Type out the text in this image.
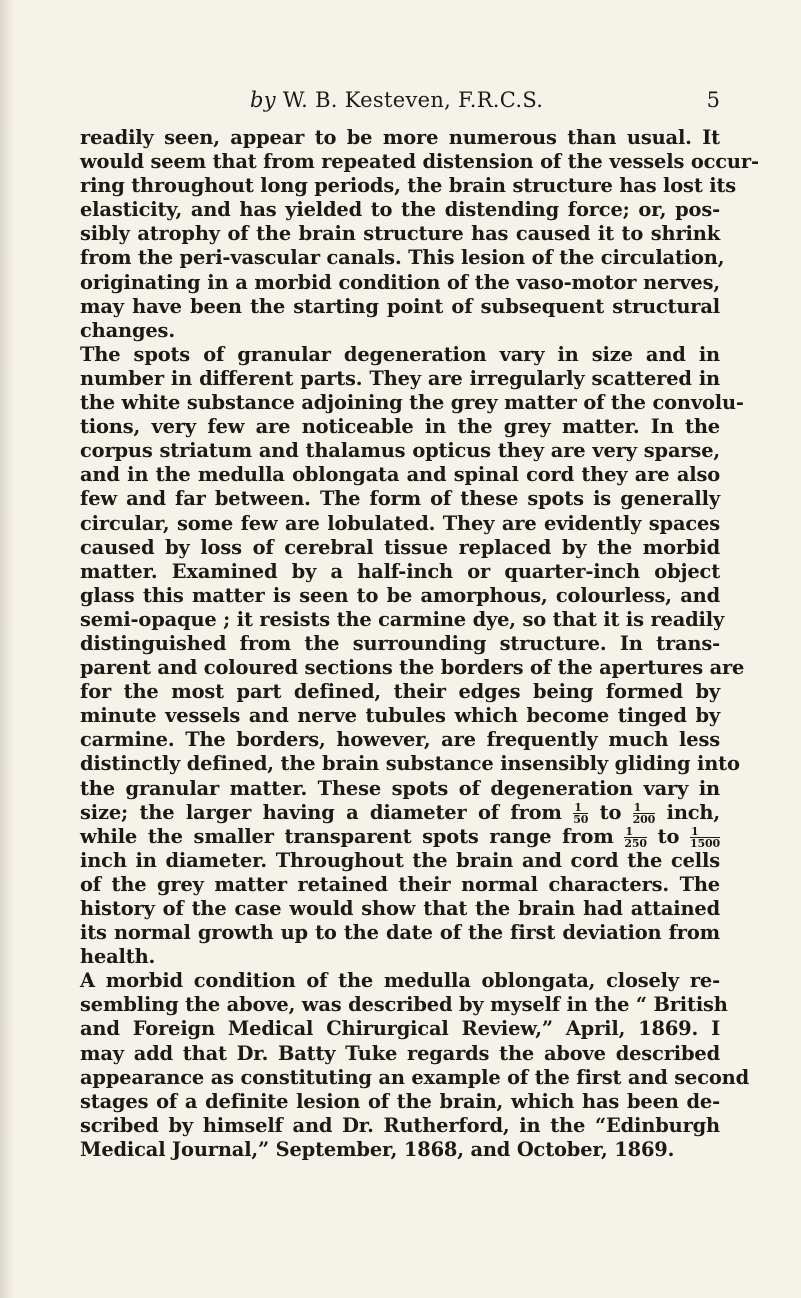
by W. B. Kesteven, F.R.C.S.	5
readily seen, appear to be more numerous than usual. It
would seem that from repeated distension of the vessels occur-
ring throughout long periods, the brain structure has lost its
elasticity, and has yielded to the distending force; or, pos-
sibly atrophy of the brain structure has caused it to shrink
from the peri-vascular canals. This lesion of the circulation,
originating in a morbid condition of the vaso-motor nerves,
may have been the starting point of subsequent structural
changes.
The spots of granular degeneration vary in size and in
number in different parts. They are irregularly scattered in
the white substance adjoining the grey matter of the convolu-
tions, very few are noticeable in the grey matter. In the
corpus striatum and thalamus opticus they are very sparse,
and in the medulla oblongata and spinal cord they are also
few and far between. The form of these spots is generally
circular, some few are lobulated. They are evidently spaces
caused by loss of cerebral tissue replaced by the morbid
matter. Examined by a half-inch or quarter-inch object
glass this matter is seen to be amorphous, colourless, and
semi-opaque ; it resists the carmine dye, so that it is readily
distinguished from the surrounding structure. In trans-
parent and coloured sections the borders of the apertures are
for the most part defined, their edges being formed by
minute vessels and nerve tubules which become tinged by
carmine. The borders, however, are frequently much less
distinctly defined, the brain substance insensibly gliding into
the granular matter. These spots of degeneration vary in
size; the larger having a diameter of from $\frac{1}{50}$ to $\frac{1}{200}$ inch,
while the smaller transparent spots range from $\frac{1}{250}$ to $\frac{1}{1500}$
inch in diameter. Throughout the brain and cord the cells
of the grey matter retained their normal characters. The
history of the case would show that the brain had attained
its normal growth up to the date of the first deviation from
health.
A morbid condition of the medulla oblongata, closely re-
sembling the above, was described by myself in the “ British
and Foreign Medical Chirurgical Review,” April, 1869. I
may add that Dr. Batty Tuke regards the above described
appearance as constituting an example of the first and second
stages of a definite lesion of the brain, which has been de-
scribed by himself and Dr. Rutherford, in the “Edinburgh
Medical Journal,” September, 1868, and October, 1869.
